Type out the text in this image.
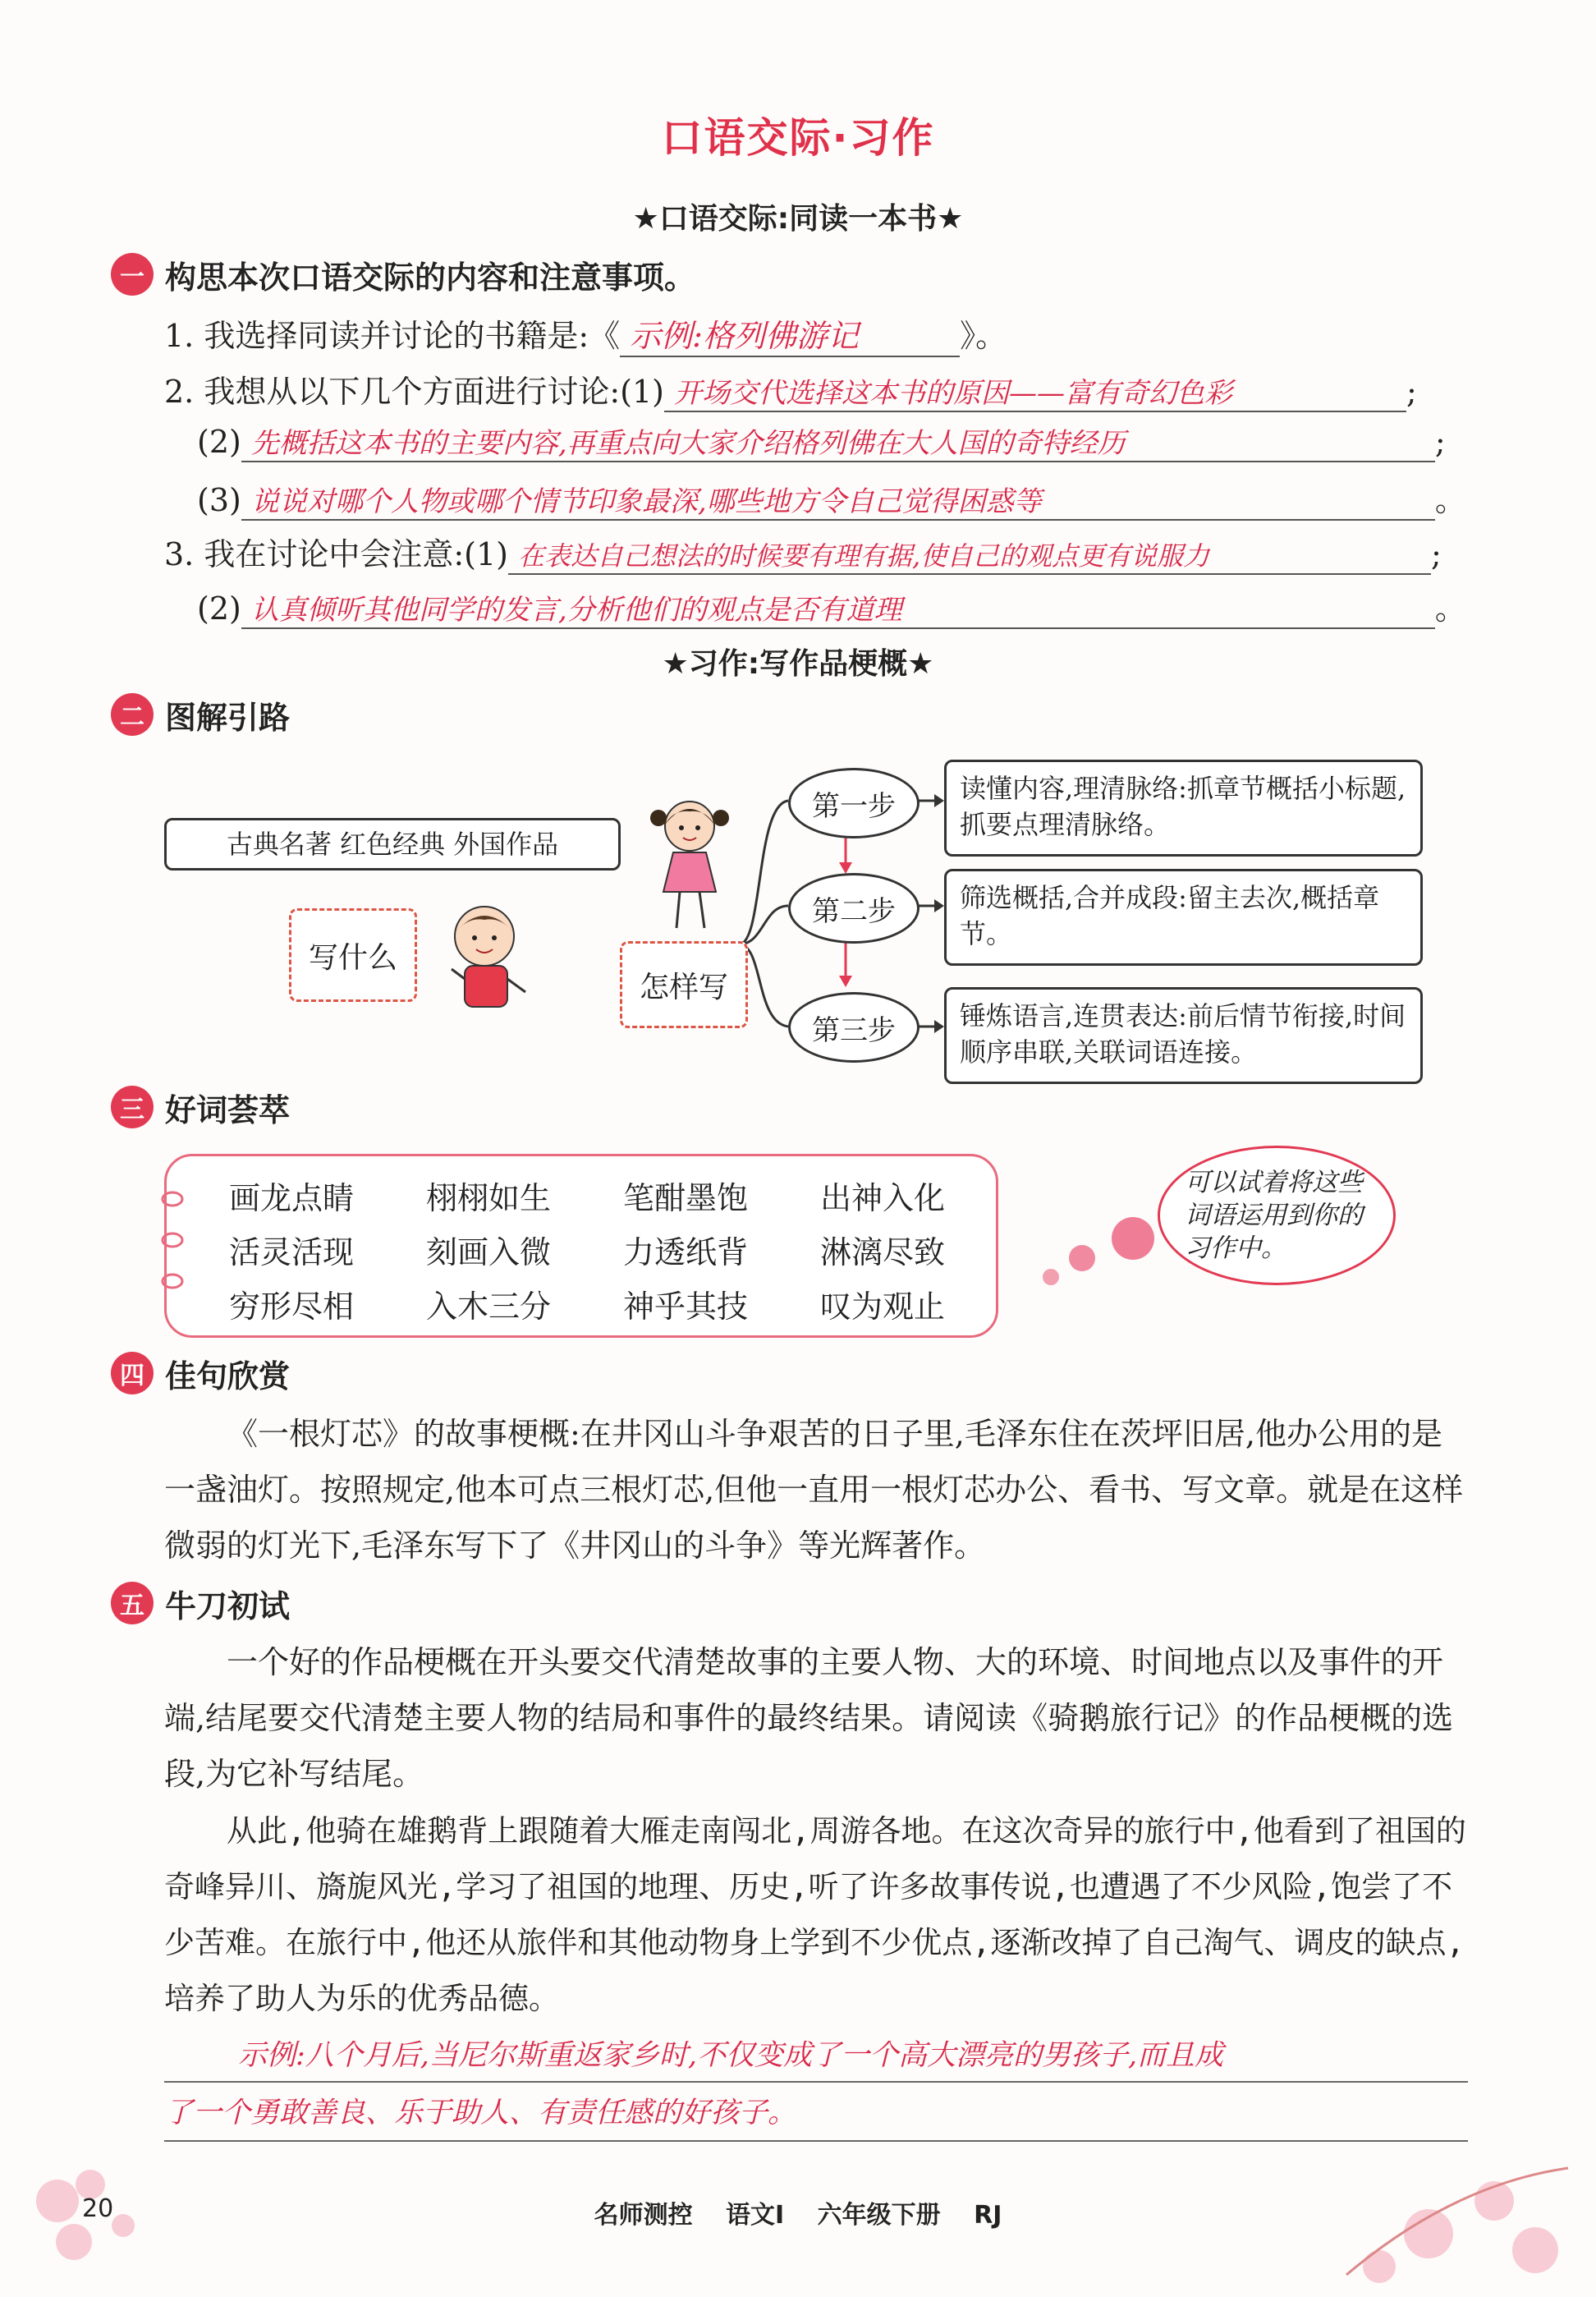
口语交际·习作
★口语交际:同读一本书★
一 构思本次口语交际的内容和注意事项。
1. 我选择同读并讨论的书籍是:《 示例:格列佛游记	》。
2. 我想从以下几个方面进行讨论:(1) 开场交代选择这本书的原因——富有奇幻色彩	;
(2) 先概括这本书的主要内容,再重点向大家介绍格列佛在大人国的奇特经历	;
(3) 说说对哪个人物或哪个情节印象最深,哪些地方令自己觉得困惑等	。
3. 我在讨论中会注意:(1) 在表达自己想法的时候要有理有据,使自己的观点更有说服力	;
(2) 认真倾听其他同学的发言,分析他们的观点是否有道理	。
★习作:写作品梗概★
二 图解引路
古典名著 红色经典 外国作品
写什么
怎样写
第一步
第二步
第三步
读懂内容,理清脉络:抓章节概括小标题,抓要点理清脉络。
筛选概括,合并成段:留主去次,概括章节。
锤炼语言,连贯表达:前后情节衔接,时间顺序串联,关联词语连接。
三 好词荟萃
画龙点睛 栩栩如生 笔酣墨饱 出神入化
活灵活现 刻画入微 力透纸背 淋漓尽致
穷形尽相 入木三分 神乎其技 叹为观止
可以试着将这些词语运用到你的习作中。
四 佳句欣赏
《一根灯芯》的故事梗概:在井冈山斗争艰苦的日子里,毛泽东住在茨坪旧居,他办公用的是一盏油灯。按照规定,他本可点三根灯芯,但他一直用一根灯芯办公、看书、写文章。就是在这样微弱的灯光下,毛泽东写下了《井冈山的斗争》等光辉著作。
五 牛刀初试
一个好的作品梗概在开头要交代清楚故事的主要人物、大的环境、时间地点以及事件的开端,结尾要交代清楚主要人物的结局和事件的最终结果。请阅读《骑鹅旅行记》的作品梗概的选段,为它补写结尾。
从此,他骑在雄鹅背上跟随着大雁走南闯北,周游各地。在这次奇异的旅行中,他看到了祖国的奇峰异川、旖旎风光,学习了祖国的地理、历史,听了许多故事传说,也遭遇了不少风险,饱尝了不少苦难。在旅行中,他还从旅伴和其他动物身上学到不少优点,逐渐改掉了自己淘气、调皮的缺点,培养了助人为乐的优秀品德。
示例:八个月后,当尼尔斯重返家乡时,不仅变成了一个高大漂亮的男孩子,而且成
了一个勇敢善良、乐于助人、有责任感的好孩子。
20	名师测控 语文Ⅰ 六年级下册 RJ
